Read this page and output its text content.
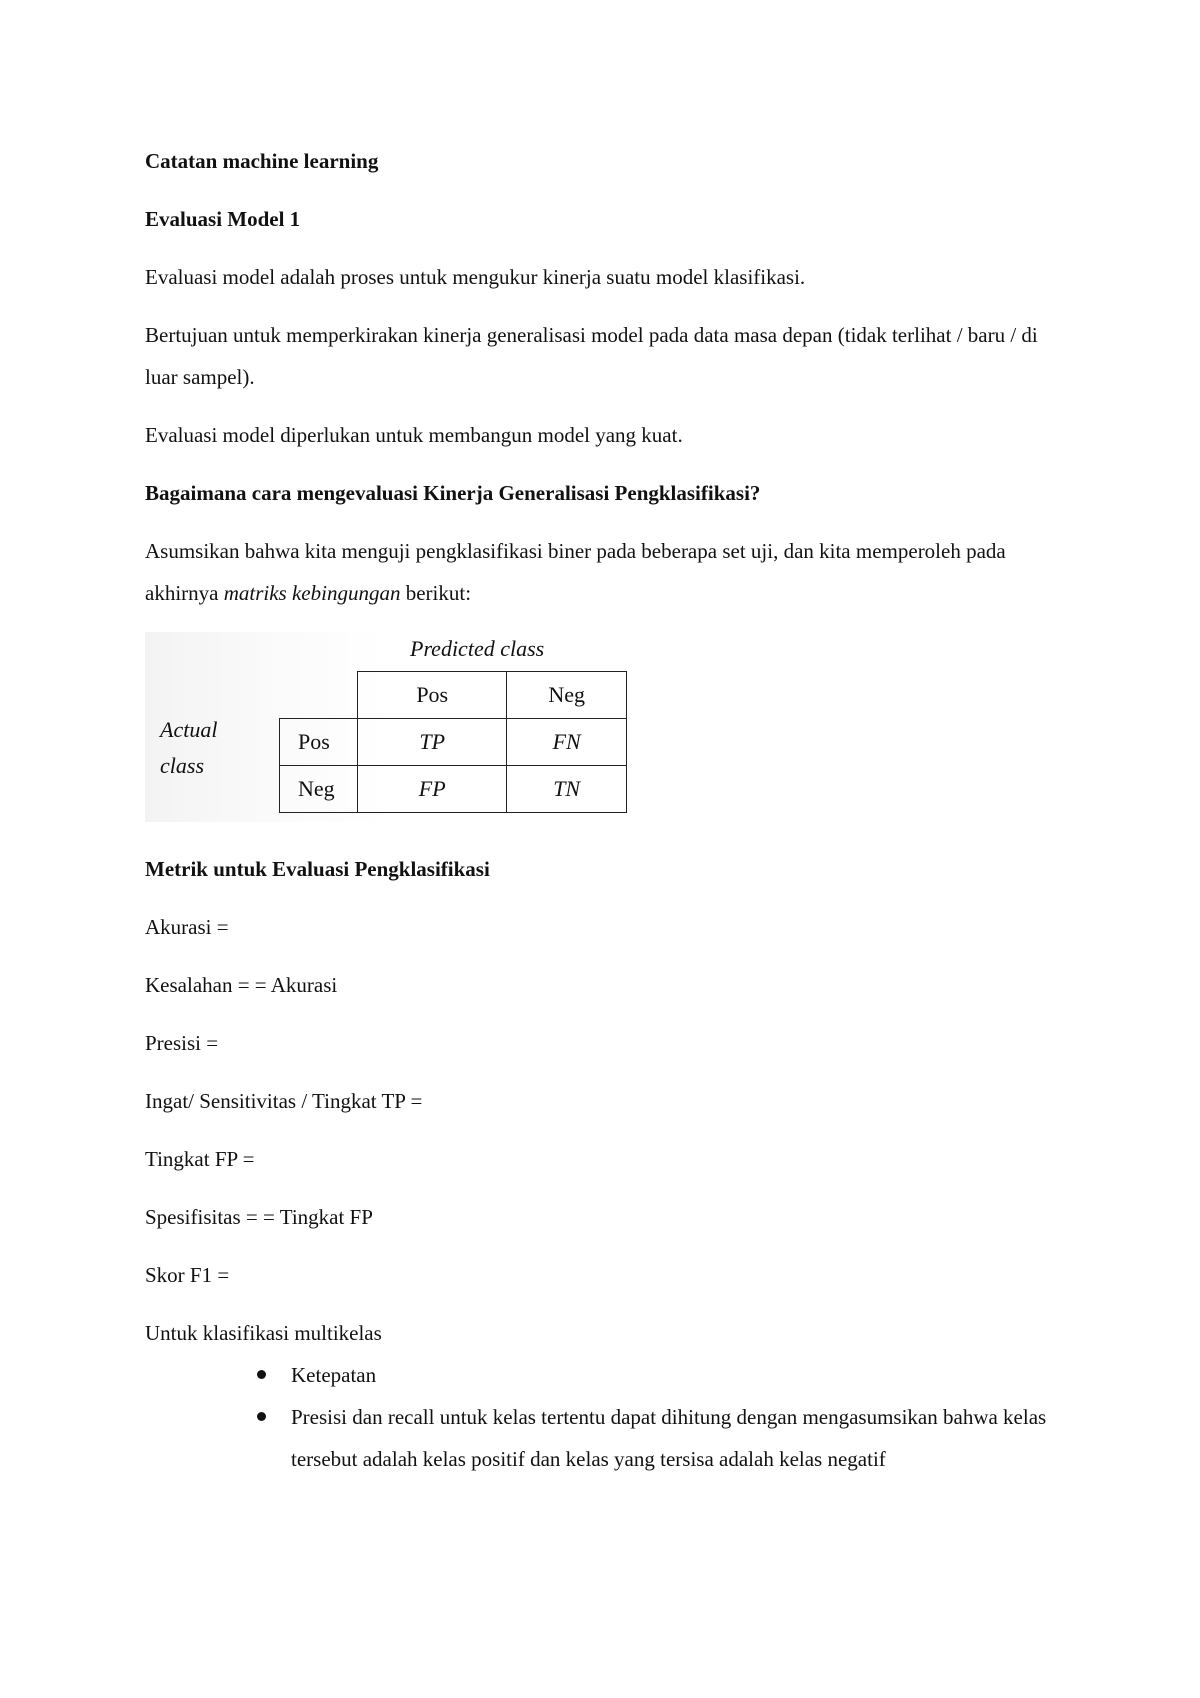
Catatan machine learning

Evaluasi Model 1

Evaluasi model adalah proses untuk mengukur kinerja suatu model klasifikasi.

Bertujuan untuk memperkirakan kinerja generalisasi model pada data masa depan (tidak terlihat / baru / di luar sampel).

Evaluasi model diperlukan untuk membangun model yang kuat.

Bagaimana cara mengevaluasi Kinerja Generalisasi Pengklasifikasi?

Asumsikan bahwa kita menguji pengklasifikasi biner pada beberapa set uji, dan kita memperoleh pada akhirnya matriks kebingungan berikut:

Predicted class
Actual
class
	Pos	Neg
Pos	TP	FN
Neg	FP	TN

Metrik untuk Evaluasi Pengklasifikasi

Akurasi =

Kesalahan = = Akurasi

Presisi =

Ingat/ Sensitivitas / Tingkat TP =

Tingkat FP =

Spesifisitas = = Tingkat FP

Skor F1 =

Untuk klasifikasi multikelas

Ketepatan
Presisi dan recall untuk kelas tertentu dapat dihitung dengan mengasumsikan bahwa kelas tersebut adalah kelas positif dan kelas yang tersisa adalah kelas negatif
